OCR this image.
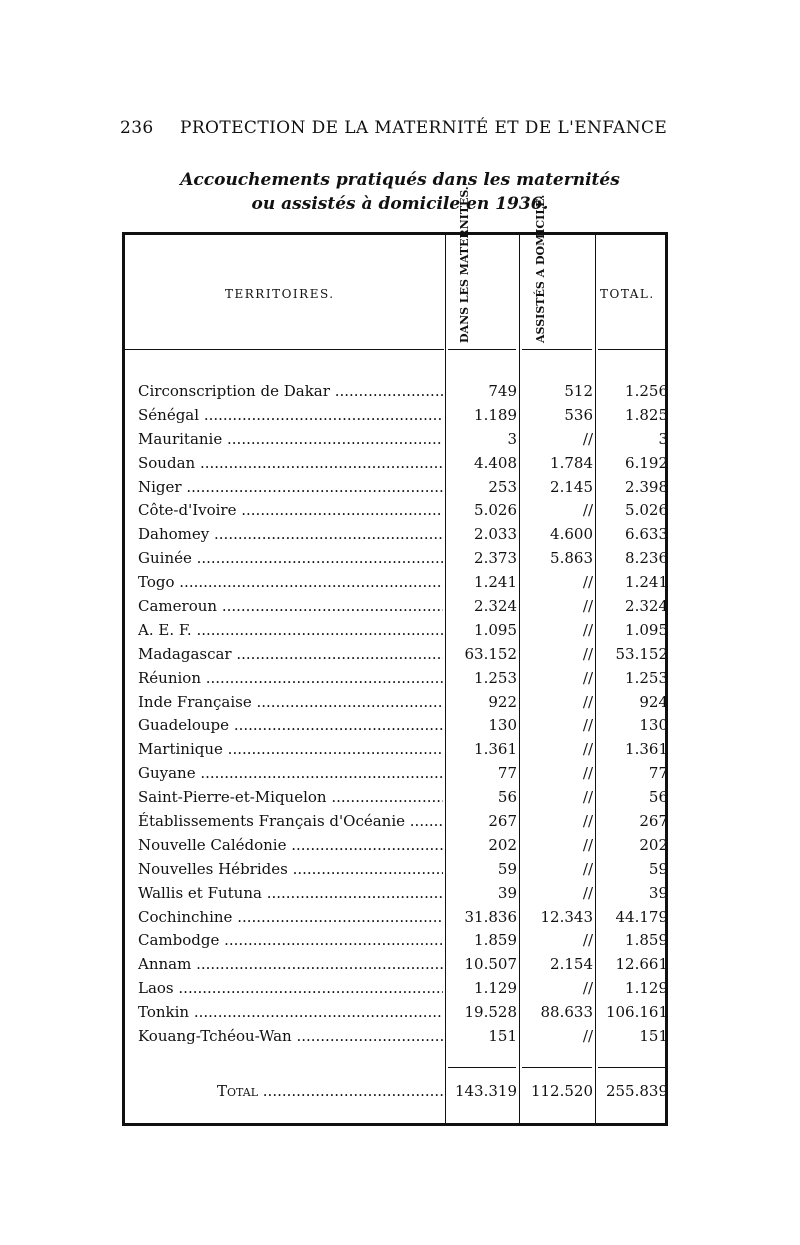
236 PROTECTION DE LA MATERNITÉ ET DE L'ENFANCE
Accouchements pratiqués dans les maternités
ou assistés à domicile en 1936.
TERRITOIRES.	DANS LES MATERNITÉS.	ASSISTÉS A DOMICILE.	TOTAL.
Circonscription de Dakar .....	749	512	1.256
Sénégal .....	1.189	536	1.825
Mauritanie .....	3	//	3
Soudan .....	4.408	1.784	6.192
Niger .....	253	2.145	2.398
Côte-d'Ivoire .....	5.026	//	5.026
Dahomey .....	2.033	4.600	6.633
Guinée .....	2.373	5.863	8.236
Togo .....	1.241	//	1.241
Cameroun .....	2.324	//	2.324
A. E. F. .....	1.095	//	1.095
Madagascar .....	63.152	//	53.152
Réunion .....	1.253	//	1.253
Inde Française .....	922	//	924
Guadeloupe .....	130	//	130
Martinique .....	1.361	//	1.361
Guyane .....	77	//	77
Saint-Pierre-et-Miquelon .....	56	//	56
Établissements Français d'Océanie .....	267	//	267
Nouvelle Calédonie .....	202	//	202
Nouvelles Hébrides .....	59	//	59
Wallis et Futuna .....	39	//	39
Cochinchine .....	31.836	12.343	44.179
Cambodge .....	1.859	//	1.859
Annam .....	10.507	2.154	12.661
Laos .....	1.129	//	1.129
Tonkin .....	19.528	88.633 106.161
Kouang-Tchéou-Wan .....	151	//	151
Total .....	143.319 112.520 255.839
